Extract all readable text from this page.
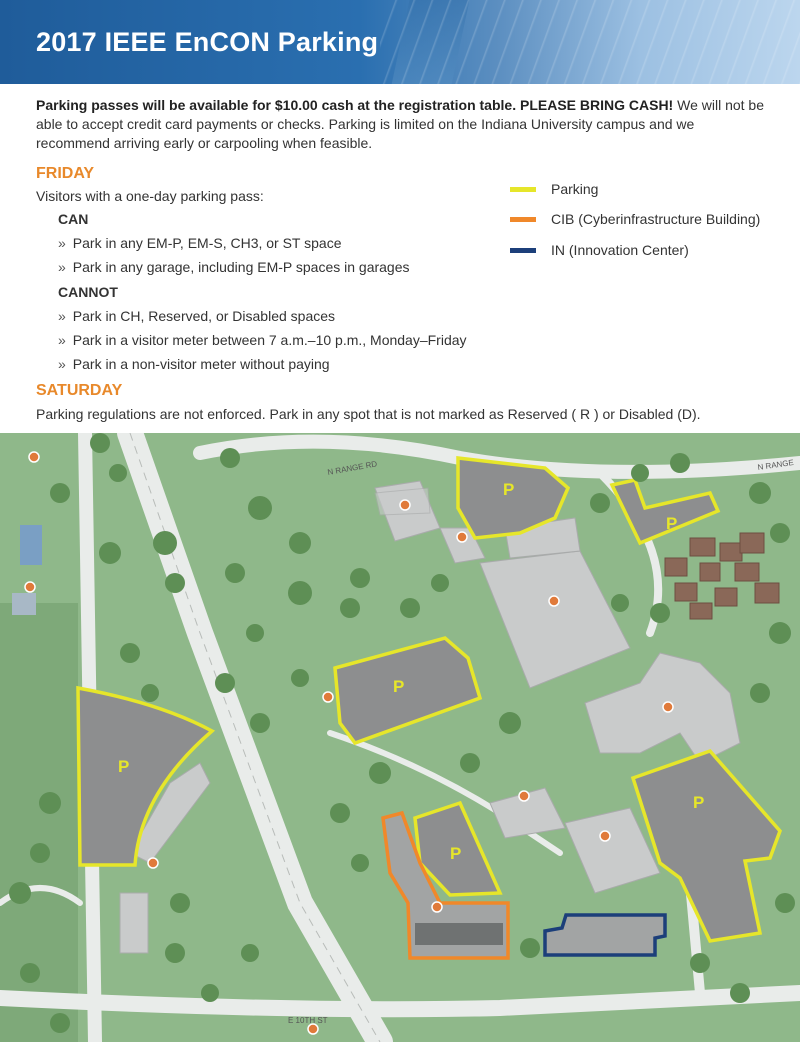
2017 IEEE EnCON Parking
Parking passes will be available for $10.00 cash at the registration table. PLEASE BRING CASH! We will not be able to accept credit card payments or checks. Parking is limited on the Indiana University campus and we recommend arriving early or carpooling when feasible.
FRIDAY
Visitors with a one-day parking pass:
CAN
» Park in any EM-P, EM-S, CH3, or ST space
» Park in any garage, including EM-P spaces in garages
CANNOT
» Park in CH, Reserved, or Disabled spaces
» Park in a visitor meter between 7 a.m.–10 p.m., Monday–Friday
» Park in a non-visitor meter without paying
SATURDAY
Parking regulations are not enforced. Park in any spot that is not marked as Reserved ( R ) or Disabled (D).
Parking
CIB (Cyberinfrastructure Building)
IN (Innovation Center)
P
P
P
P
P
P
N RANGE RD	N RANGE
E 10TH ST
